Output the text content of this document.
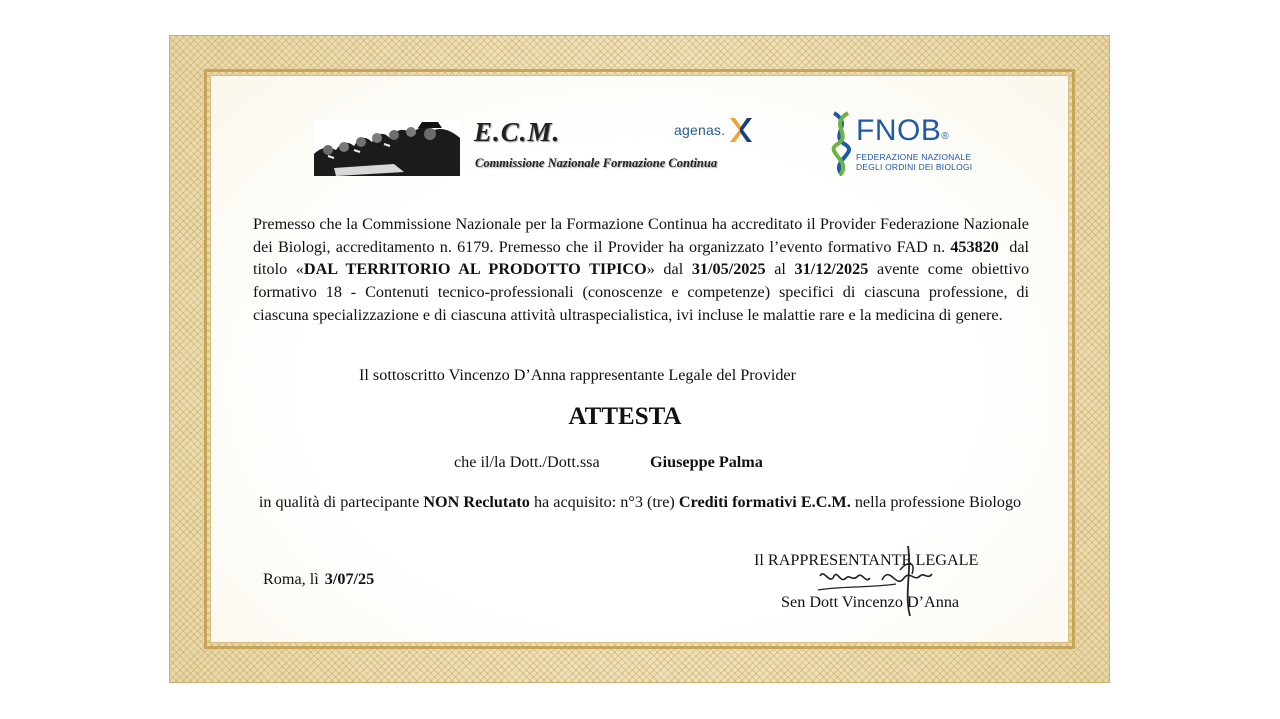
E.C.M.
Commissione Nazionale Formazione Continua
agenas.	FNOB®
FEDERAZIONE NAZIONALE
DEGLI ORDINI DEI BIOLOGI
Premesso che la Commissione Nazionale per la Formazione Continua ha accreditato il Provider Federazione Nazionale dei Biologi, accreditamento n. 6179. Premesso che il Provider ha organizzato l’evento formativo FAD n. 453820 dal titolo «DAL TERRITORIO AL PRODOTTO TIPICO» dal 31/05/2025 al 31/12/2025 avente come obiettivo formativo 18 - Contenuti tecnico-professionali (conoscenze e competenze) specifici di ciascuna professione, di ciascuna specializzazione e di ciascuna attività ultraspecialistica, ivi incluse le malattie rare e la medicina di genere.
Il sottoscritto Vincenzo D’Anna rappresentante Legale del Provider
ATTESTA
che il/la Dott./Dott.ssa	Giuseppe Palma
in qualità di partecipante NON Reclutato ha acquisito: n°3 (tre) Crediti formativi E.C.M. nella professione Biologo
Roma, lì 3/07/25
Il RAPPRESENTANTE LEGALE
Sen Dott Vincenzo D’Anna
